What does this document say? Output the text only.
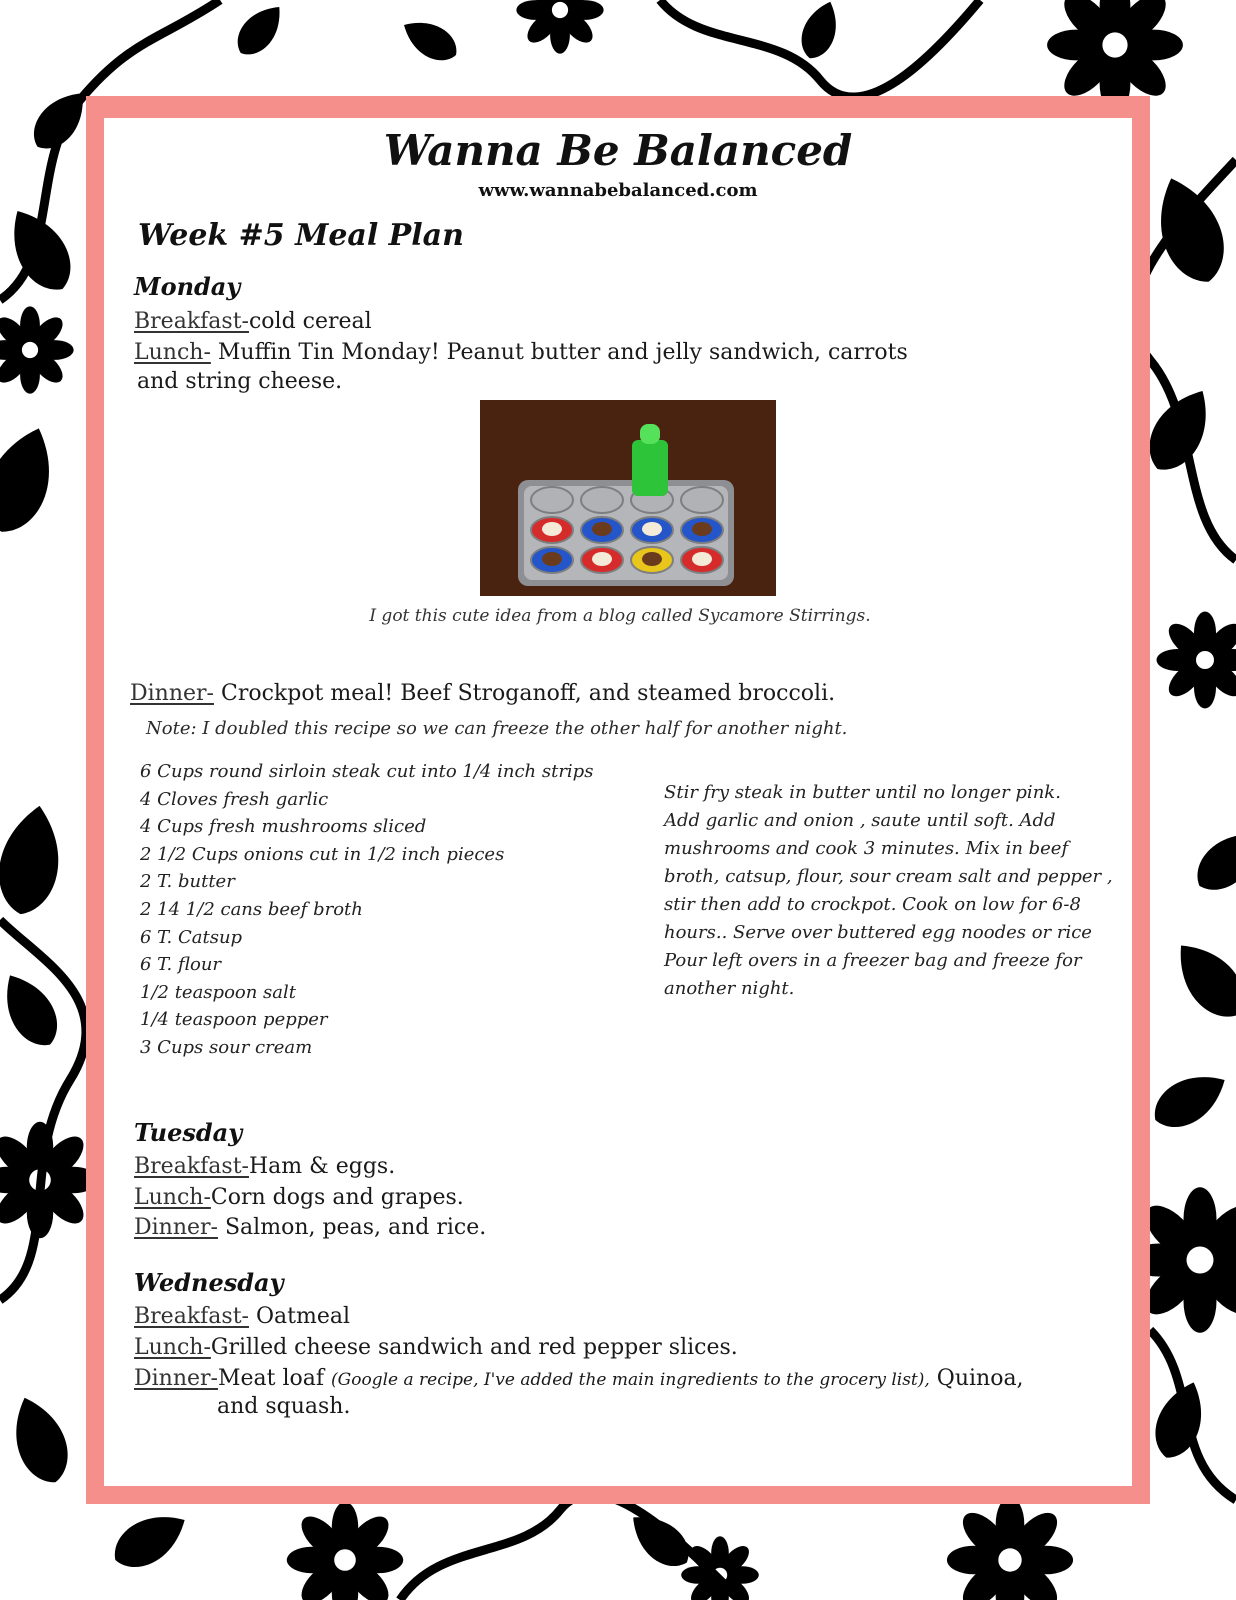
Wanna Be Balanced
www.wannabebalanced.com
Week #5 Meal Plan
Monday
Breakfast-cold cereal
Lunch- Muffin Tin Monday! Peanut butter and jelly sandwich, carrots
and string cheese.
I got this cute idea from a blog called Sycamore Stirrings.
Dinner- Crockpot meal! Beef Stroganoff, and steamed broccoli.
Note: I doubled this recipe so we can freeze the other half for another night.
6 Cups round sirloin steak cut into 1/4 inch strips
4 Cloves fresh garlic
4 Cups fresh mushrooms sliced
2 1/2 Cups onions cut in 1/2 inch pieces
2 T. butter
2 14 1/2 cans beef broth
6 T. Catsup
6 T. flour
1/2 teaspoon salt
1/4 teaspoon pepper
3 Cups sour cream
Stir fry steak in butter until no longer pink.
Add garlic and onion , saute until soft. Add
mushrooms and cook 3 minutes. Mix in beef
broth, catsup, flour, sour cream salt and pepper ,
stir then add to crockpot. Cook on low for 6-8
hours.. Serve over buttered egg noodes or rice
Pour left overs in a freezer bag and freeze for
another night.
Tuesday
Breakfast-Ham & eggs.
Lunch-Corn dogs and grapes.
Dinner- Salmon, peas, and rice.
Wednesday
Breakfast- Oatmeal
Lunch-Grilled cheese sandwich and red pepper slices.
Dinner-Meat loaf (Google a recipe, I've added the main ingredients to the grocery list), Quinoa,
and squash.
